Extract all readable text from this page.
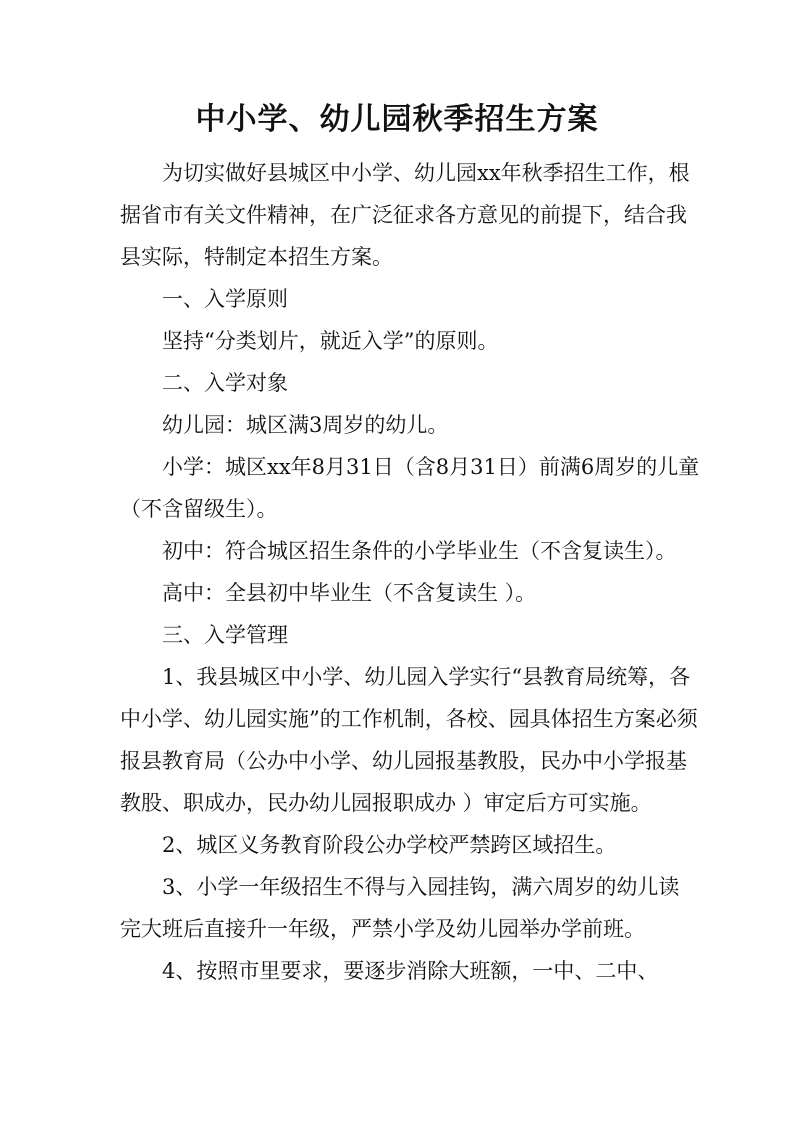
中小学、幼儿园秋季招生方案

为切实做好县城区中小学、幼儿园xx年秋季招生工作，根据省市有关文件精神，在广泛征求各方意见的前提下，结合我县实际，特制定本招生方案。

一、入学原则

坚持“分类划片，就近入学”的原则。

二、入学对象

幼儿园：城区满3周岁的幼儿。

小学：城区xx年8月31日（含8月31日）前满6周岁的儿童（不含留级生）。

初中：符合城区招生条件的小学毕业生（不含复读生）。

高中：全县初中毕业生（不含复读生 ）。

三、入学管理

1、我县城区中小学、幼儿园入学实行“县教育局统筹，各中小学、幼儿园实施”的工作机制，各校、园具体招生方案必须报县教育局（公办中小学、幼儿园报基教股，民办中小学报基教股、职成办，民办幼儿园报职成办 ）审定后方可实施。

2、城区义务教育阶段公办学校严禁跨区域招生。

3、小学一年级招生不得与入园挂钩，满六周岁的幼儿读完大班后直接升一年级，严禁小学及幼儿园举办学前班。

4、按照市里要求，要逐步消除大班额，一中、二中、
